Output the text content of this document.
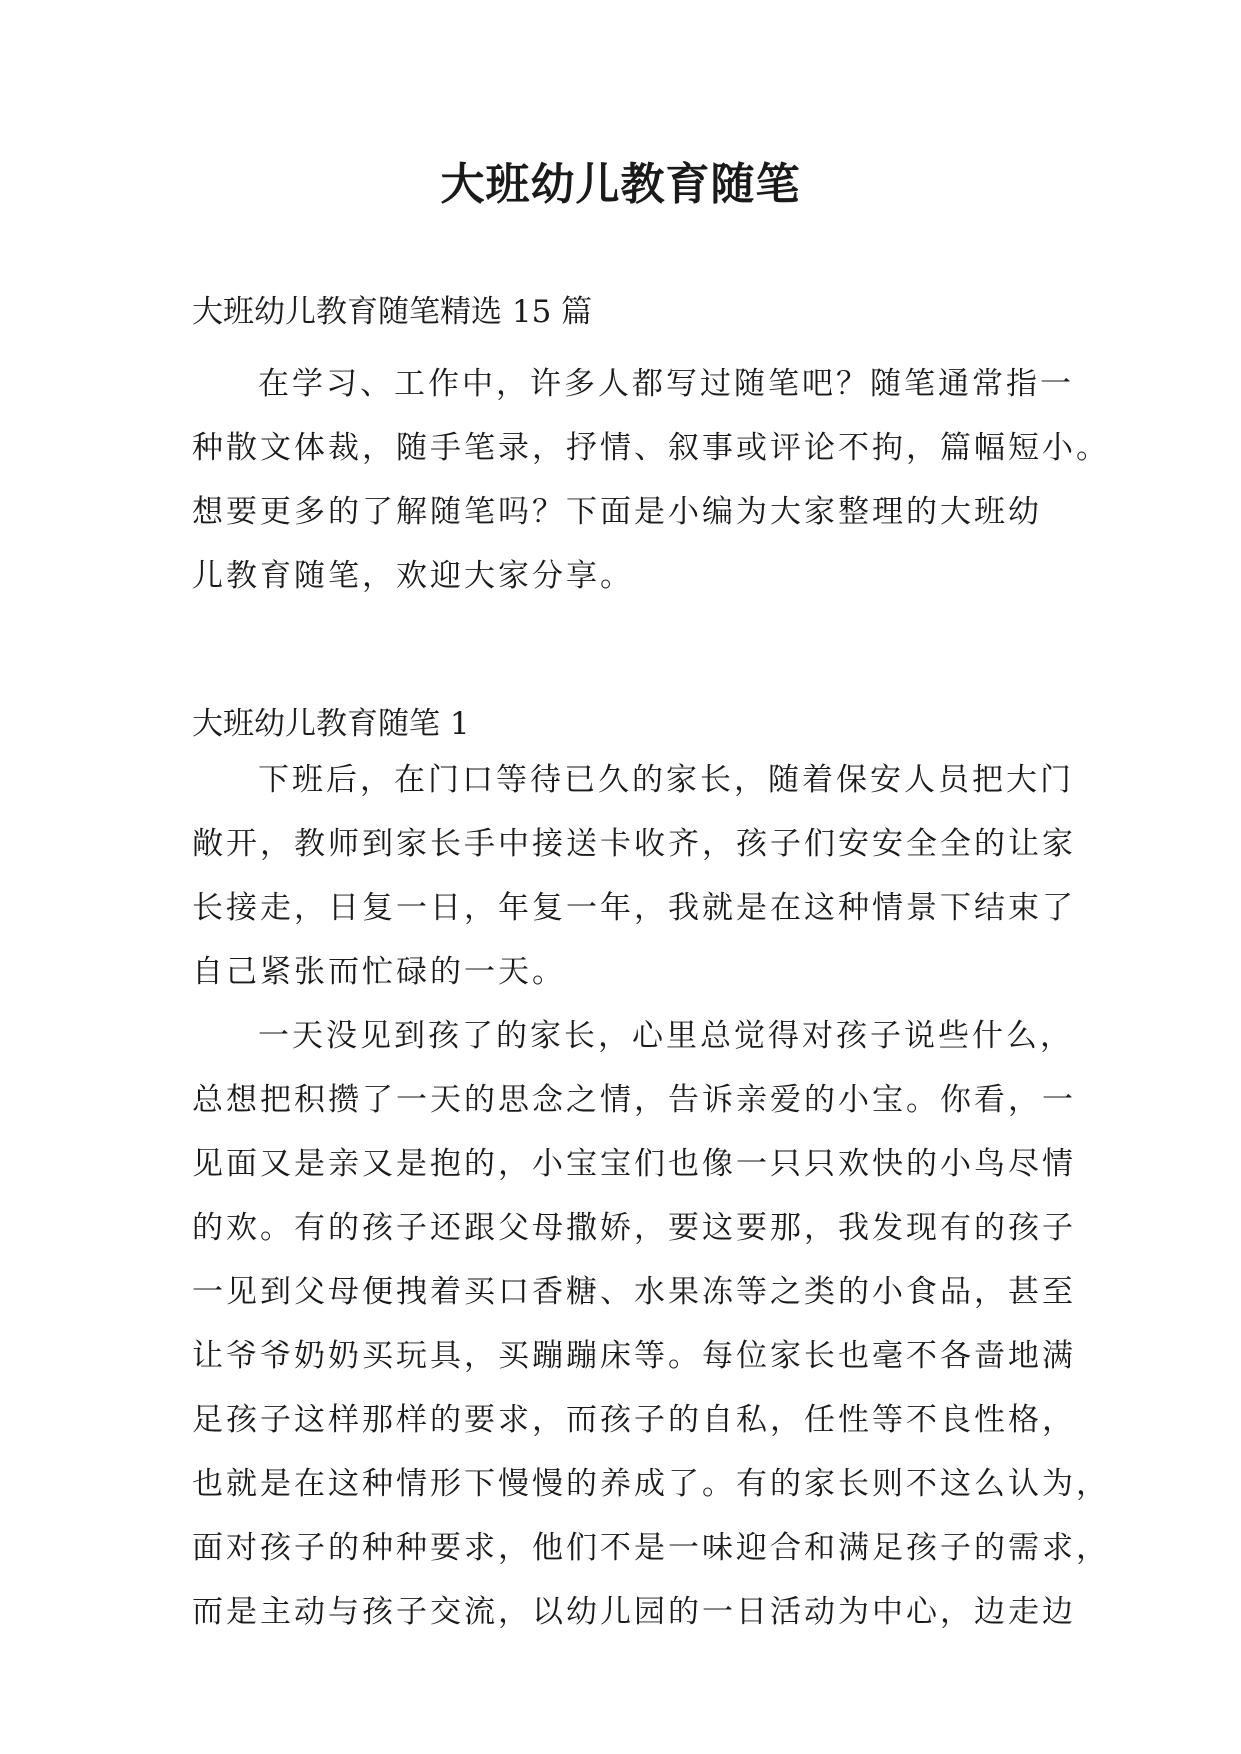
大班幼儿教育随笔
大班幼儿教育随笔精选 15 篇
在学习、工作中，许多人都写过随笔吧？随笔通常指一
种散文体裁，随手笔录，抒情、叙事或评论不拘，篇幅短小。
想要更多的了解随笔吗？下面是小编为大家整理的大班幼
儿教育随笔，欢迎大家分享。
大班幼儿教育随笔 1
下班后，在门口等待已久的家长，随着保安人员把大门
敞开，教师到家长手中接送卡收齐，孩子们安安全全的让家
长接走，日复一日，年复一年，我就是在这种情景下结束了
自己紧张而忙碌的一天。
一天没见到孩了的家长，心里总觉得对孩子说些什么，
总想把积攒了一天的思念之情，告诉亲爱的小宝。你看，一
见面又是亲又是抱的，小宝宝们也像一只只欢快的小鸟尽情
的欢。有的孩子还跟父母撒娇，要这要那，我发现有的孩子
一见到父母便拽着买口香糖、水果冻等之类的小食品，甚至
让爷爷奶奶买玩具，买蹦蹦床等。每位家长也毫不各啬地满
足孩子这样那样的要求，而孩子的自私，任性等不良性格，
也就是在这种情形下慢慢的养成了。有的家长则不这么认为，
面对孩子的种种要求，他们不是一味迎合和满足孩子的需求，
而是主动与孩子交流，以幼儿园的一日活动为中心，边走边
